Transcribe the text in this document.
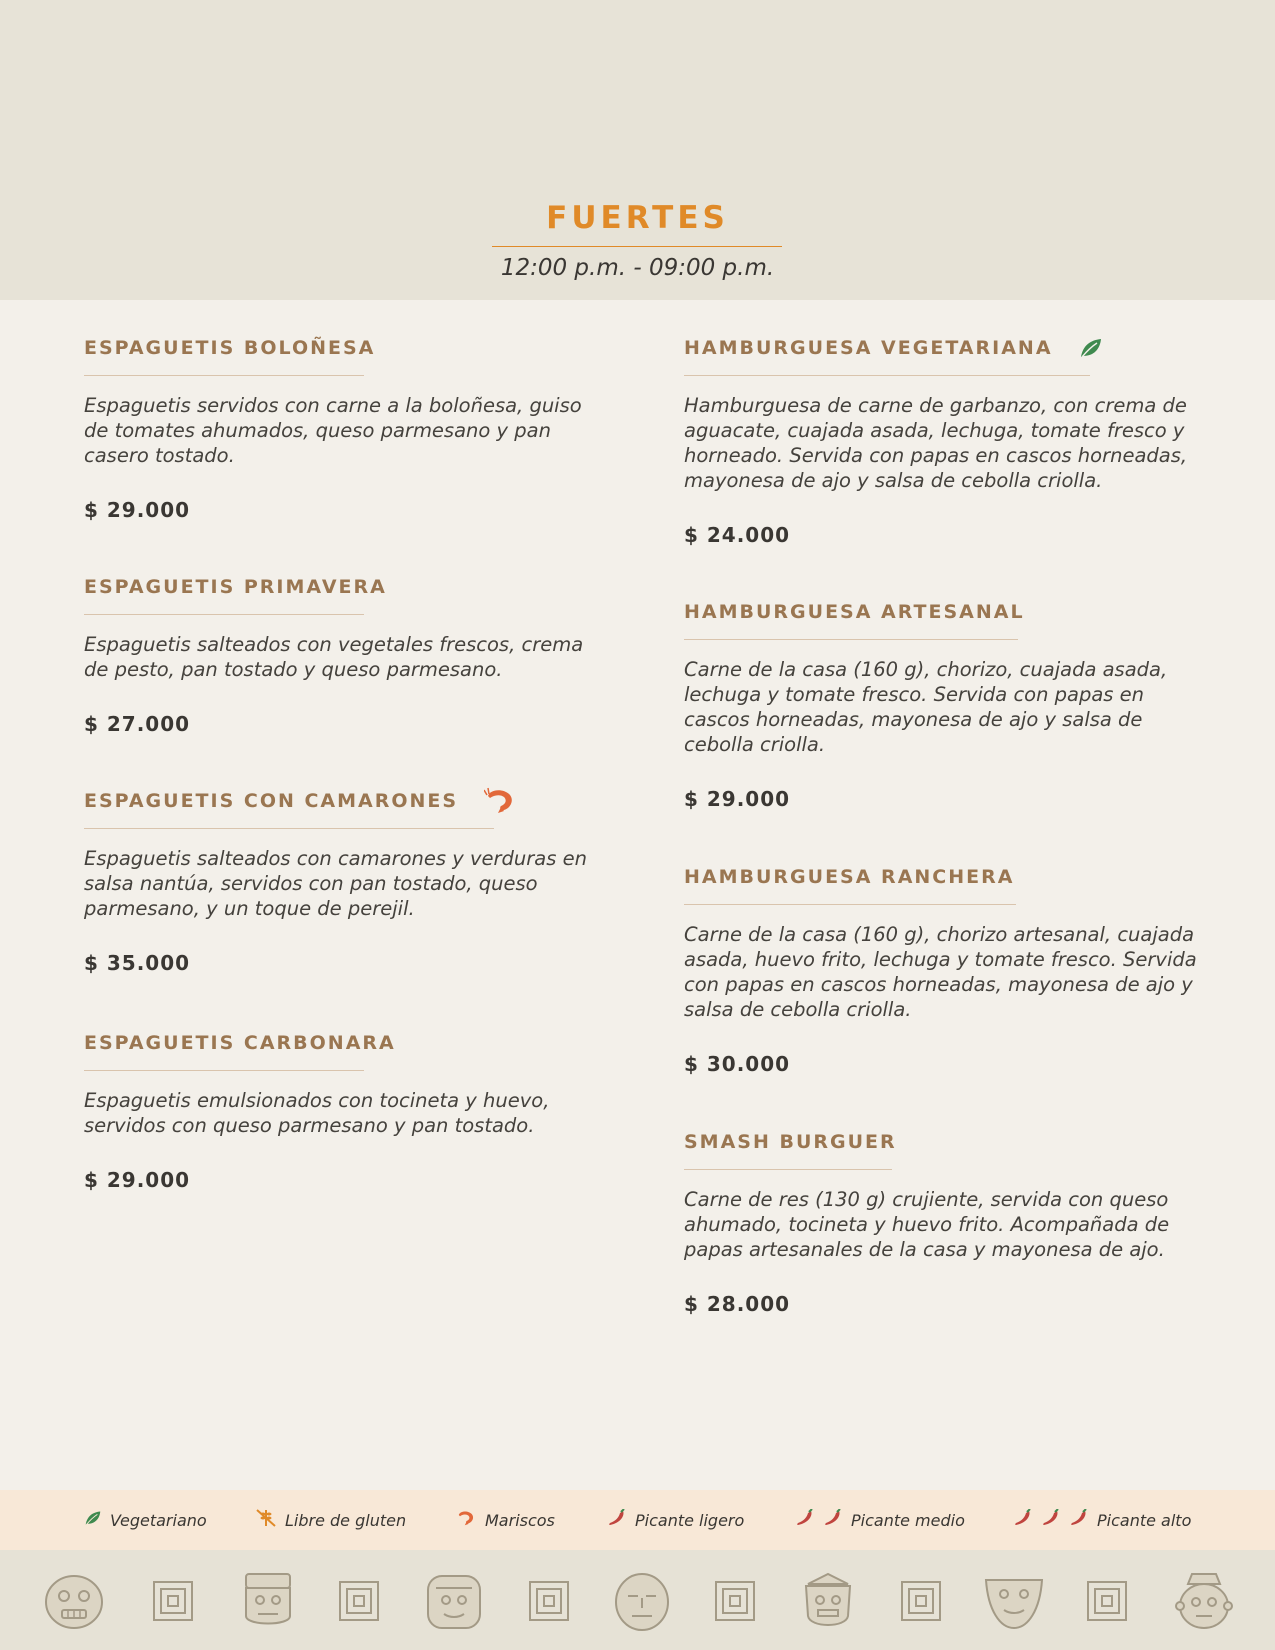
FUERTES
12:00 p.m. - 09:00 p.m.
ESPAGUETIS BOLOÑESA
Espaguetis servidos con carne a la boloñesa, guiso de tomates ahumados, queso parmesano y pan casero tostado.
$ 29.000
ESPAGUETIS PRIMAVERA
Espaguetis salteados con vegetales frescos, crema de pesto, pan tostado y queso parmesano.
$ 27.000
ESPAGUETIS CON CAMARONES
Espaguetis salteados con camarones y verduras en salsa nantúa, servidos con pan tostado, queso parmesano, y un toque de perejil.
$ 35.000
ESPAGUETIS CARBONARA
Espaguetis emulsionados con tocineta y huevo, servidos con queso parmesano y pan tostado.
$ 29.000
HAMBURGUESA VEGETARIANA
Hamburguesa de carne de garbanzo, con crema de aguacate, cuajada asada, lechuga, tomate fresco y horneado. Servida con papas en cascos horneadas, mayonesa de ajo y salsa de cebolla criolla.
$ 24.000
HAMBURGUESA ARTESANAL
Carne de la casa (160 g), chorizo, cuajada asada, lechuga y tomate fresco. Servida con papas en cascos horneadas, mayonesa de ajo y salsa de cebolla criolla.
$ 29.000
HAMBURGUESA RANCHERA
Carne de la casa (160 g), chorizo artesanal, cuajada asada, huevo frito, lechuga y tomate fresco. Servida con papas en cascos horneadas, mayonesa de ajo y salsa de cebolla criolla.
$ 30.000
SMASH BURGUER
Carne de res (130 g) crujiente, servida con queso ahumado, tocineta y huevo frito. Acompañada de papas artesanales de la casa y mayonesa de ajo.
$ 28.000
Vegetariano	Libre de gluten	Mariscos	Picante ligero	Picante medio	Picante alto
